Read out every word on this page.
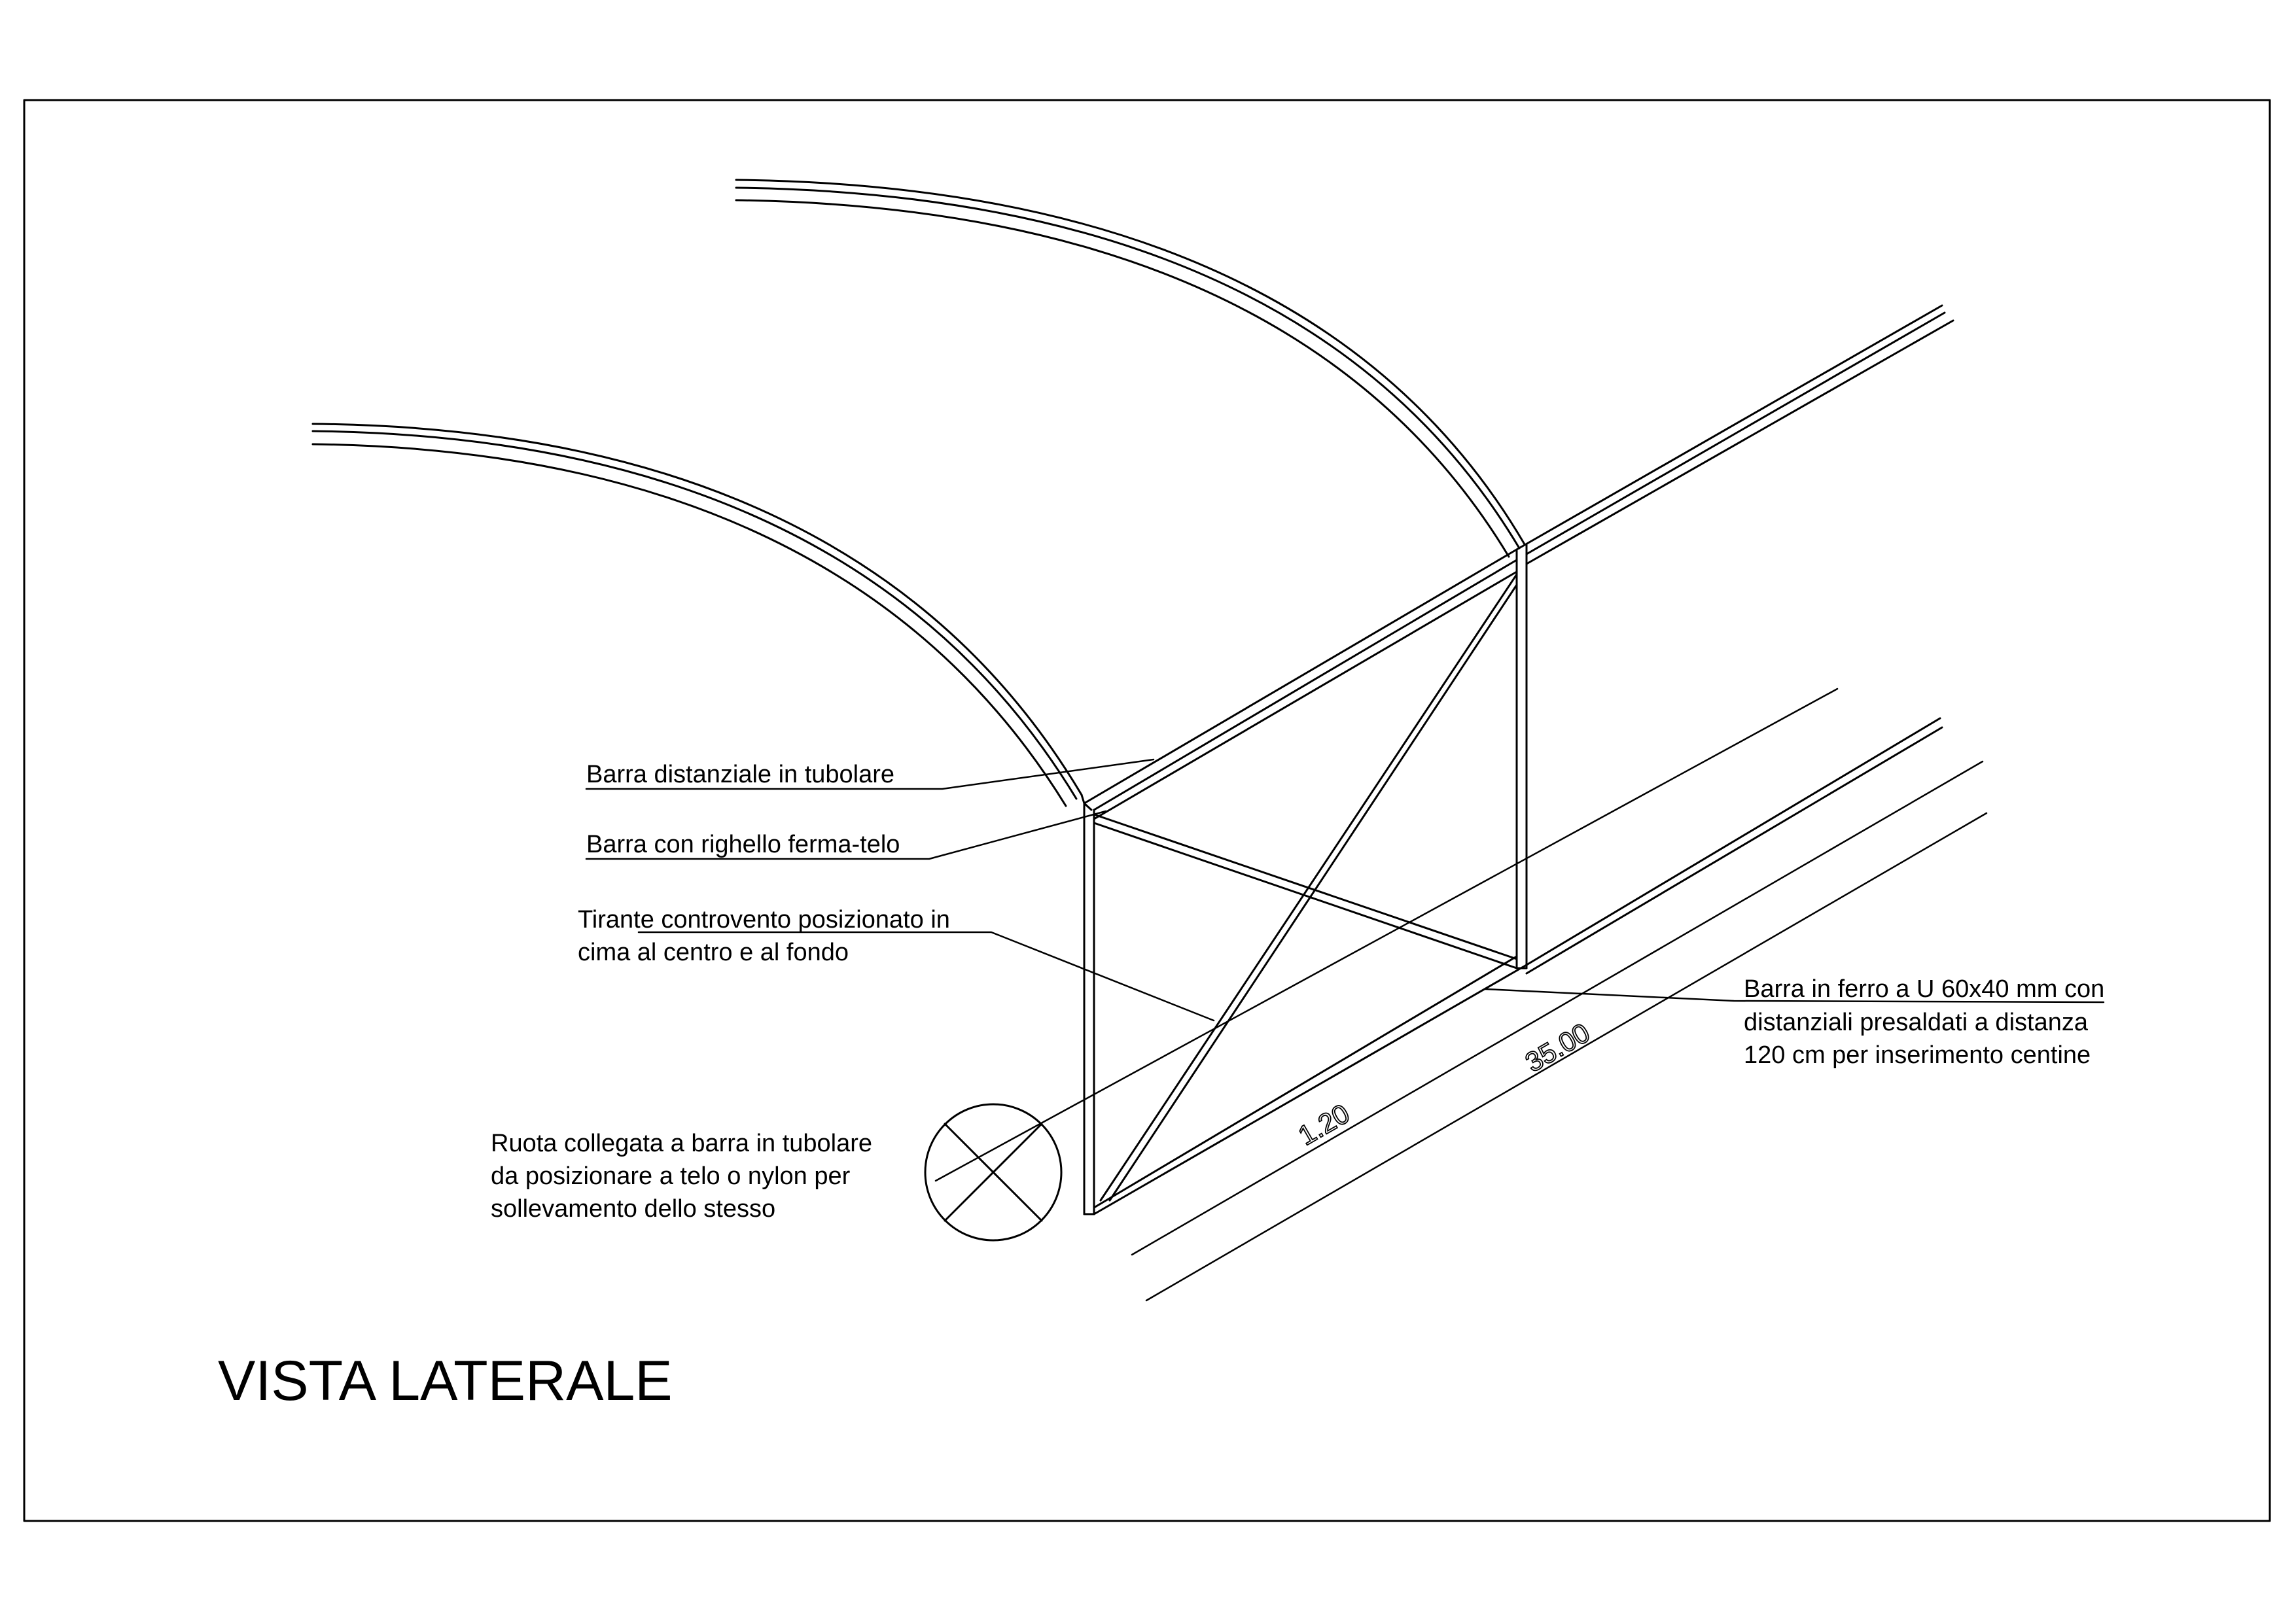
Barra distanziale in tubolare
Barra con righello ferma-telo
Tirante controvento posizionato in
cima al centro e al fondo
Barra in ferro a U 60x40 mm con
distanziali presaldati a distanza
120 cm per inserimento centine
Ruota collegata a barra in tubolare
da posizionare a telo o nylon per
sollevamento dello stesso
1.20
35.00
VISTA LATERALE
